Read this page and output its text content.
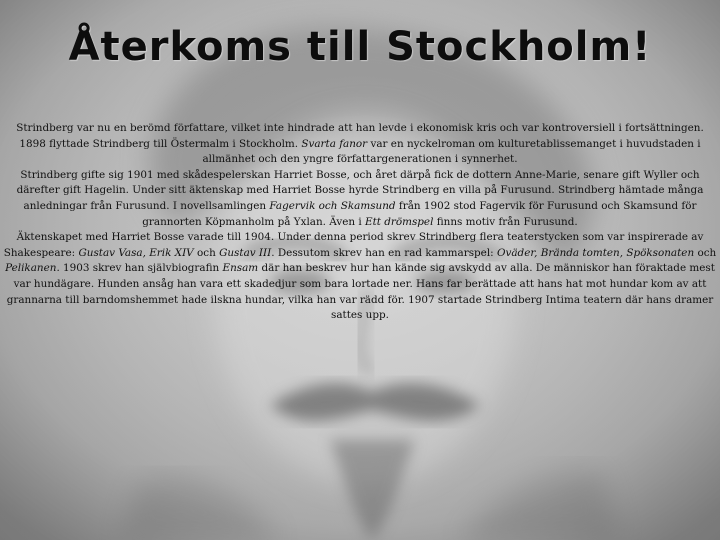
Återkoms till Stockholm!

Strindberg var nu en berömd författare, vilket inte hindrade att han levde i ekonomisk kris och var kontroversiell i fortsättningen. 1898 flyttade Strindberg till Östermalm i Stockholm. Svarta fanor var en nyckelroman om kulturetablissemanget i huvudstaden i allmänhet och den yngre författargenerationen i synnerhet.

Strindberg gifte sig 1901 med skådespelerskan Harriet Bosse, och året därpå fick de dottern Anne-Marie, senare gift Wyller och därefter gift Hagelin. Under sitt äktenskap med Harriet Bosse hyrde Strindberg en villa på Furusund. Strindberg hämtade många anledningar från Furusund. I novellsamlingen Fagervik och Skamsund från 1902 stod Fagervik för Furusund och Skamsund för grannorten Köpmanholm på Yxlan. Även i Ett drömspel finns motiv från Furusund.

Äktenskapet med Harriet Bosse varade till 1904. Under denna period skrev Strindberg flera teaterstycken som var inspirerade av Shakespeare: Gustav Vasa, Erik XIV och Gustav III. Dessutom skrev han en rad kammarspel: Oväder, Brända tomten, Spöksonaten och Pelikanen. 1903 skrev han självbiografin Ensam där han beskrev hur han kände sig avskydd av alla. De människor han föraktade mest var hundägare. Hunden ansåg han vara ett skadedjur som bara lortade ner. Hans far berättade att hans hat mot hundar kom av att grannarna till barndomshemmet hade ilskna hundar, vilka han var rädd för. 1907 startade Strindberg Intima teatern där hans dramer sattes upp.
